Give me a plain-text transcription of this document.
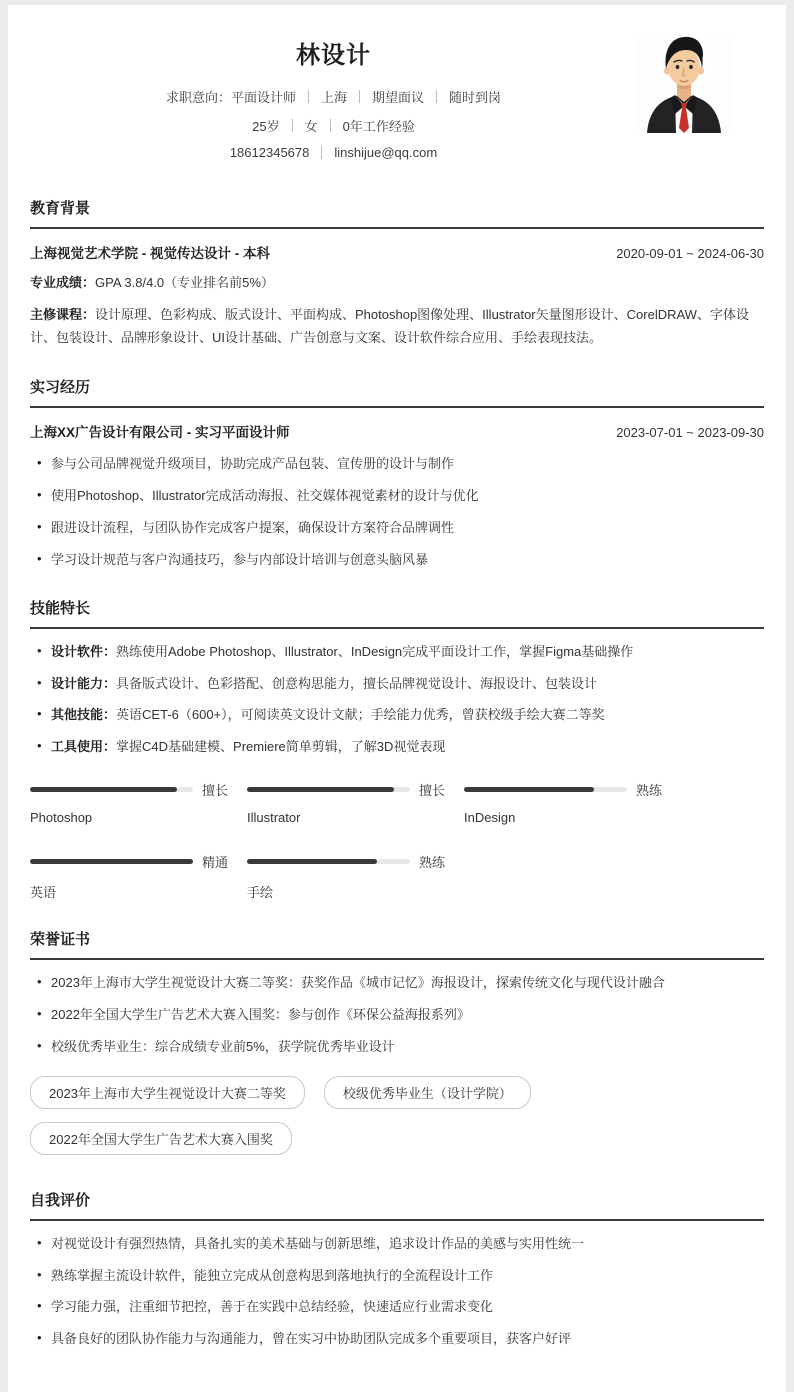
林设计
求职意向：平面设计师 上海 期望面议 随时到岗
25岁 女 0年工作经验
18612345678 linshijue@qq.com
教育背景
上海视觉艺术学院 - 视觉传达设计 - 本科	2020-09-01 ~ 2024-06-30

专业成绩：GPA 3.8/4.0（专业排名前5%）

主修课程：设计原理、色彩构成、版式设计、平面构成、Photoshop图像处理、Illustrator矢量图形设计、CorelDRAW、字体设计、包装设计、品牌形象设计、UI设计基础、广告创意与文案、设计软件综合应用、手绘表现技法。

实习经历
上海XX广告设计有限公司 - 实习平面设计师	2023-07-01 ~ 2023-09-30
• 参与公司品牌视觉升级项目，协助完成产品包装、宣传册的设计与制作
• 使用Photoshop、Illustrator完成活动海报、社交媒体视觉素材的设计与优化
• 跟进设计流程，与团队协作完成客户提案，确保设计方案符合品牌调性
• 学习设计规范与客户沟通技巧，参与内部设计培训与创意头脑风暴
技能特长
• 设计软件：熟练使用Adobe Photoshop、Illustrator、InDesign完成平面设计工作，掌握Figma基础操作
• 设计能力：具备版式设计、色彩搭配、创意构思能力，擅长品牌视觉设计、海报设计、包装设计
• 其他技能：英语CET-6（600+），可阅读英文设计文献；手绘能力优秀，曾获校级手绘大赛二等奖
• 工具使用：掌握C4D基础建模、Premiere简单剪辑，了解3D视觉表现
擅长
Photoshop
擅长
Illustrator
熟练
InDesign
精通
英语
熟练
手绘
荣誉证书
• 2023年上海市大学生视觉设计大赛二等奖：获奖作品《城市记忆》海报设计，探索传统文化与现代设计融合
• 2022年全国大学生广告艺术大赛入围奖：参与创作《环保公益海报系列》
• 校级优秀毕业生：综合成绩专业前5%，获学院优秀毕业设计
2023年上海市大学生视觉设计大赛二等奖	校级优秀毕业生（设计学院）
2022年全国大学生广告艺术大赛入围奖
自我评价
• 对视觉设计有强烈热情，具备扎实的美术基础与创新思维，追求设计作品的美感与实用性统一
• 熟练掌握主流设计软件，能独立完成从创意构思到落地执行的全流程设计工作
• 学习能力强，注重细节把控，善于在实践中总结经验，快速适应行业需求变化
• 具备良好的团队协作能力与沟通能力，曾在实习中协助团队完成多个重要项目，获客户好评
